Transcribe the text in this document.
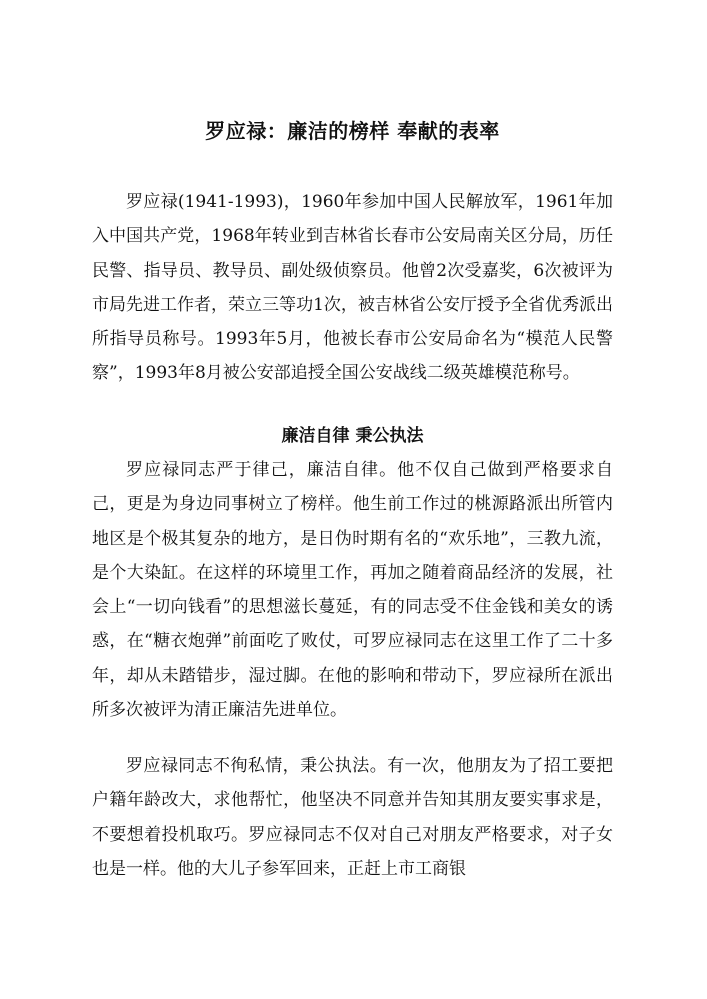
罗应禄：廉洁的榜样 奉献的表率

罗应禄(1941-1993)，1960年参加中国人民解放军，1961年加入中国共产党，1968年转业到吉林省长春市公安局南关区分局，历任民警、指导员、教导员、副处级侦察员。他曾2次受嘉奖，6次被评为市局先进工作者，荣立三等功1次，被吉林省公安厅授予全省优秀派出所指导员称号。1993年5月，他被长春市公安局命名为“模范人民警察”，1993年8月被公安部追授全国公安战线二级英雄模范称号。

廉洁自律 秉公执法

罗应禄同志严于律己，廉洁自律。他不仅自己做到严格要求自己，更是为身边同事树立了榜样。他生前工作过的桃源路派出所管内地区是个极其复杂的地方，是日伪时期有名的“欢乐地”，三教九流，是个大染缸。在这样的环境里工作，再加之随着商品经济的发展，社会上“一切向钱看”的思想滋长蔓延，有的同志受不住金钱和美女的诱惑，在“糖衣炮弹”前面吃了败仗，可罗应禄同志在这里工作了二十多年，却从未踏错步，湿过脚。在他的影响和带动下，罗应禄所在派出所多次被评为清正廉洁先进单位。

罗应禄同志不徇私情，秉公执法。有一次，他朋友为了招工要把户籍年龄改大，求他帮忙，他坚决不同意并告知其朋友要实事求是，不要想着投机取巧。罗应禄同志不仅对自己对朋友严格要求，对子女也是一样。他的大儿子参军回来，正赶上市工商银
